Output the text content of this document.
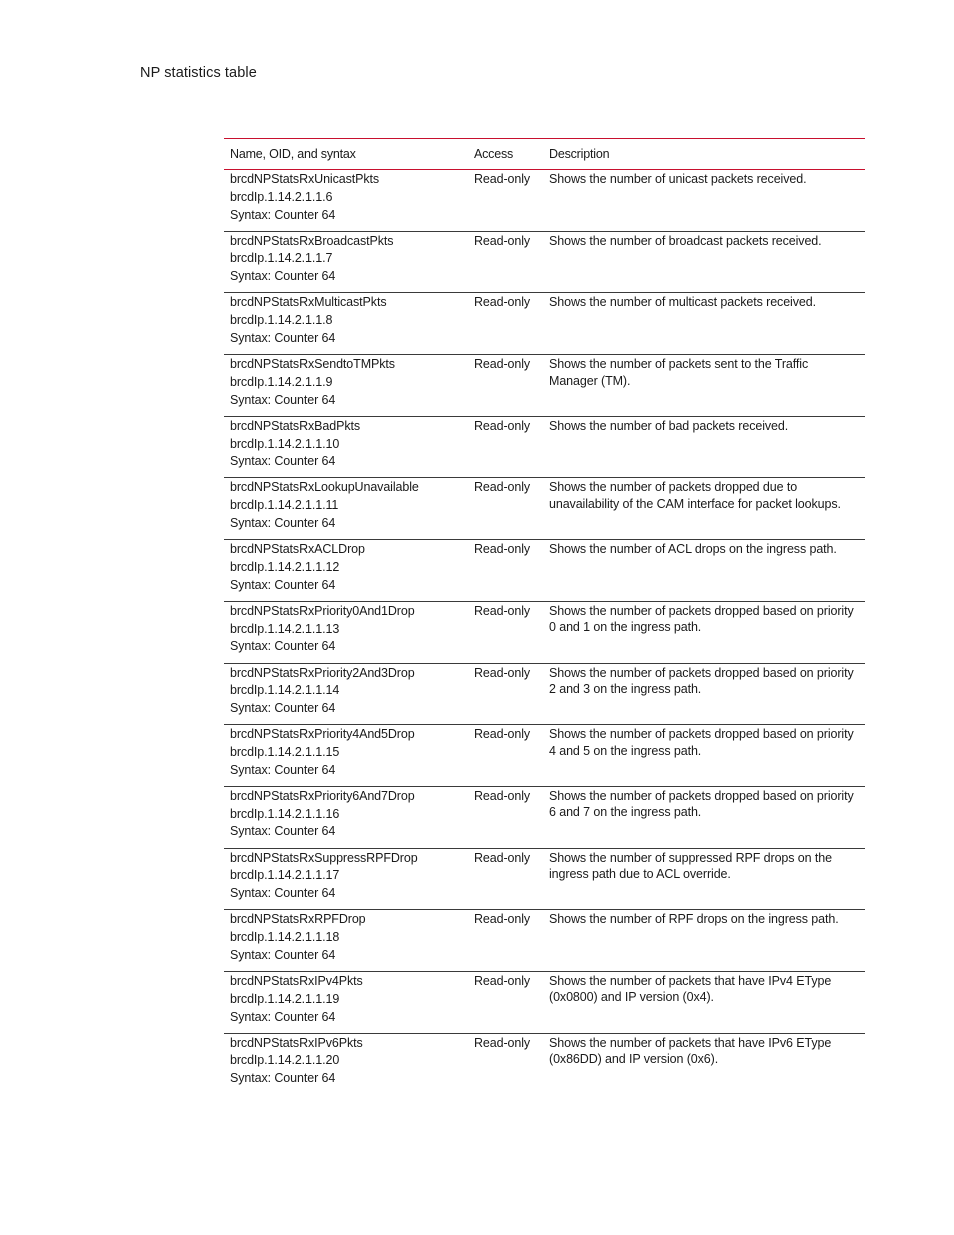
NP statistics table
Name, OID, and syntax	Access	Description

brcdNPStatsRxUnicastPkts
brcdIp.1.14.2.1.1.6
Syntax: Counter 64	Read-only	Shows the number of unicast packets received.

brcdNPStatsRxBroadcastPkts
brcdIp.1.14.2.1.1.7
Syntax: Counter 64	Read-only	Shows the number of broadcast packets received.

brcdNPStatsRxMulticastPkts
brcdIp.1.14.2.1.1.8
Syntax: Counter 64	Read-only	Shows the number of multicast packets received.

brcdNPStatsRxSendtoTMPkts
brcdIp.1.14.2.1.1.9
Syntax: Counter 64	Read-only	Shows the number of packets sent to the Traffic Manager (TM).

brcdNPStatsRxBadPkts
brcdIp.1.14.2.1.1.10
Syntax: Counter 64	Read-only	Shows the number of bad packets received.

brcdNPStatsRxLookupUnavailable
brcdIp.1.14.2.1.1.11
Syntax: Counter 64	Read-only	Shows the number of packets dropped due to unavailability of the CAM interface for packet lookups.

brcdNPStatsRxACLDrop
brcdIp.1.14.2.1.1.12
Syntax: Counter 64	Read-only	Shows the number of ACL drops on the ingress path.

brcdNPStatsRxPriority0And1Drop
brcdIp.1.14.2.1.1.13
Syntax: Counter 64	Read-only	Shows the number of packets dropped based on priority 0 and 1 on the ingress path.

brcdNPStatsRxPriority2And3Drop
brcdIp.1.14.2.1.1.14
Syntax: Counter 64	Read-only	Shows the number of packets dropped based on priority 2 and 3 on the ingress path.

brcdNPStatsRxPriority4And5Drop
brcdIp.1.14.2.1.1.15
Syntax: Counter 64	Read-only	Shows the number of packets dropped based on priority 4 and 5 on the ingress path.

brcdNPStatsRxPriority6And7Drop
brcdIp.1.14.2.1.1.16
Syntax: Counter 64	Read-only	Shows the number of packets dropped based on priority 6 and 7 on the ingress path.

brcdNPStatsRxSuppressRPFDrop
brcdIp.1.14.2.1.1.17
Syntax: Counter 64	Read-only	Shows the number of suppressed RPF drops on the ingress path due to ACL override.

brcdNPStatsRxRPFDrop
brcdIp.1.14.2.1.1.18
Syntax: Counter 64	Read-only	Shows the number of RPF drops on the ingress path.

brcdNPStatsRxIPv4Pkts
brcdIp.1.14.2.1.1.19
Syntax: Counter 64	Read-only	Shows the number of packets that have IPv4 EType (0x0800) and IP version (0x4).

brcdNPStatsRxIPv6Pkts
brcdIp.1.14.2.1.1.20
Syntax: Counter 64	Read-only	Shows the number of packets that have IPv6 EType (0x86DD) and IP version (0x6).
